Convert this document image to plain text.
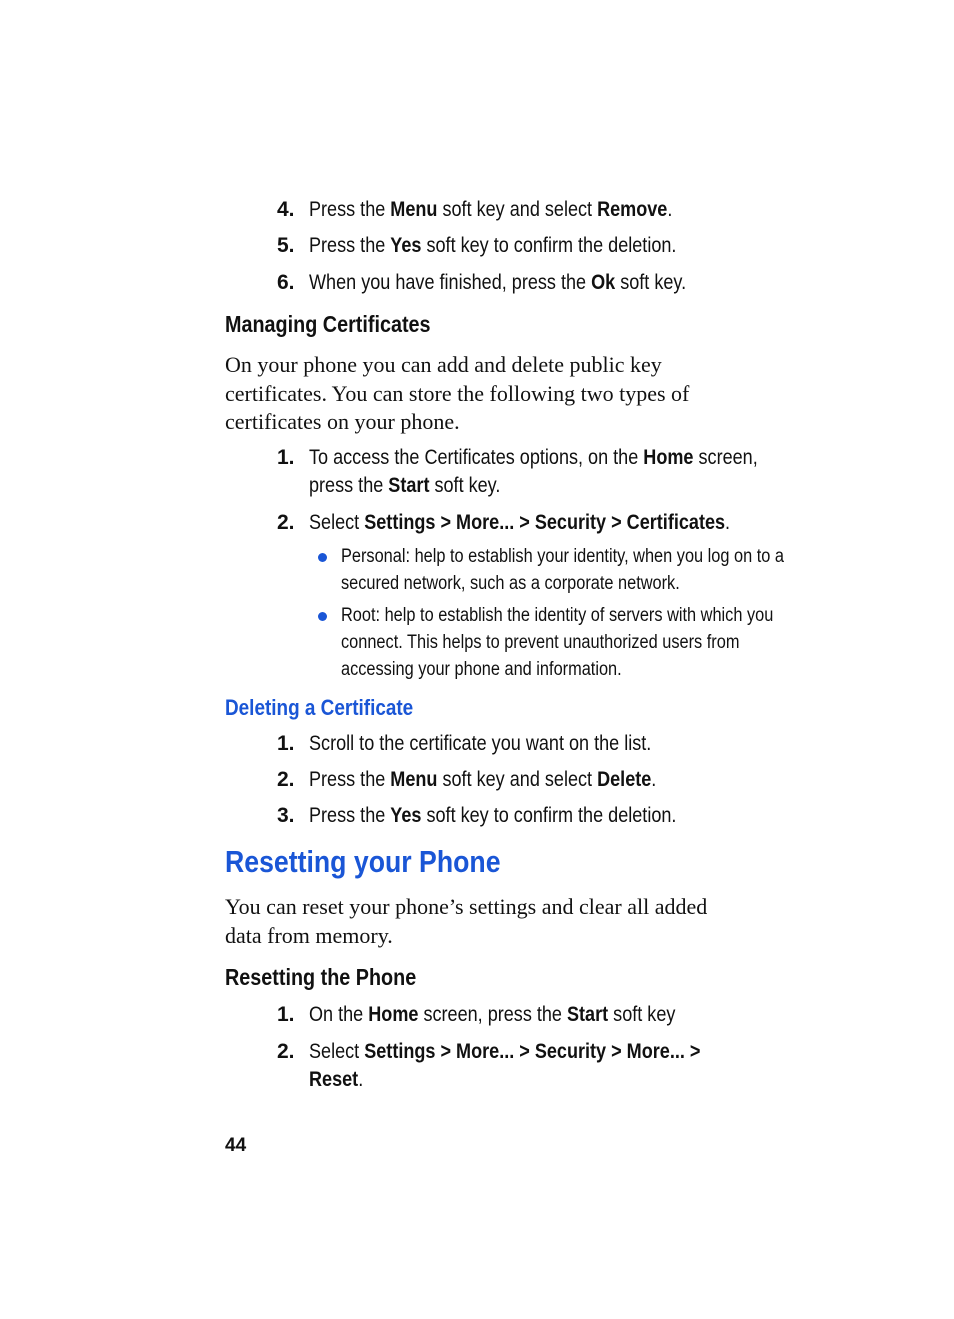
4. Press the Menu soft key and select Remove.
5. Press the Yes soft key to confirm the deletion.
6. When you have finished, press the Ok soft key.
Managing Certificates
On your phone you can add and delete public key
certificates. You can store the following two types of
certificates on your phone.
1. To access the Certificates options, on the Home screen,
press the Start soft key.
2. Select Settings > More... > Security > Certificates.
Personal: help to establish your identity, when you log on to a
secured network, such as a corporate network.
Root: help to establish the identity of servers with which you
connect. This helps to prevent unauthorized users from
accessing your phone and information.
Deleting a Certificate
1. Scroll to the certificate you want on the list.
2. Press the Menu soft key and select Delete.
3. Press the Yes soft key to confirm the deletion.
Resetting your Phone
You can reset your phone’s settings and clear all added
data from memory.
Resetting the Phone
1. On the Home screen, press the Start soft key
2. Select Settings > More... > Security > More... >
Reset.
44
